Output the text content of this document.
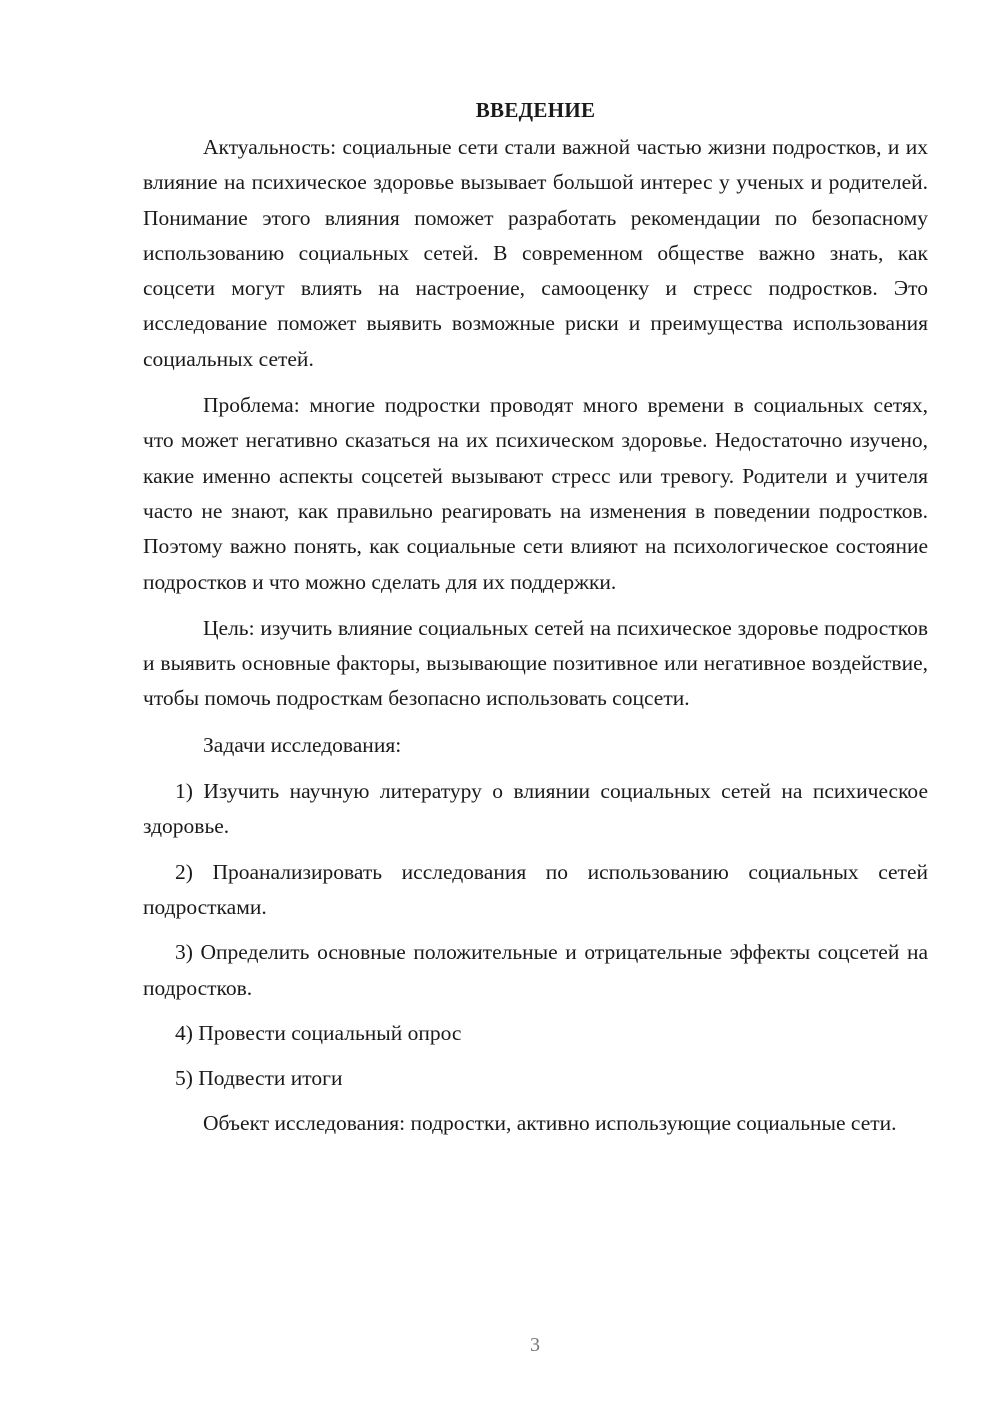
ВВЕДЕНИЕ

Актуальность: социальные сети стали важной частью жизни подростков, и их влияние на психическое здоровье вызывает большой интерес у ученых и родителей. Понимание этого влияния поможет разработать рекомендации по безопасному использованию социальных сетей. В современном обществе важно знать, как соцсети могут влиять на настроение, самооценку и стресс подростков. Это исследование поможет выявить возможные риски и преимущества использования социальных сетей.

Проблема: многие подростки проводят много времени в социальных сетях, что может негативно сказаться на их психическом здоровье. Недостаточно изучено, какие именно аспекты соцсетей вызывают стресс или тревогу. Родители и учителя часто не знают, как правильно реагировать на изменения в поведении подростков. Поэтому важно понять, как социальные сети влияют на психологическое состояние подростков и что можно сделать для их поддержки.

Цель: изучить влияние социальных сетей на психическое здоровье подростков и выявить основные факторы, вызывающие позитивное или негативное воздействие, чтобы помочь подросткам безопасно использовать соцсети.

Задачи исследования:

1) Изучить научную литературу о влиянии социальных сетей на психическое здоровье.

2) Проанализировать исследования по использованию социальных сетей подростками.

3) Определить основные положительные и отрицательные эффекты соцсетей на подростков.

4) Провести социальный опрос

5) Подвести итоги

Объект исследования: подростки, активно использующие социальные сети.

3
